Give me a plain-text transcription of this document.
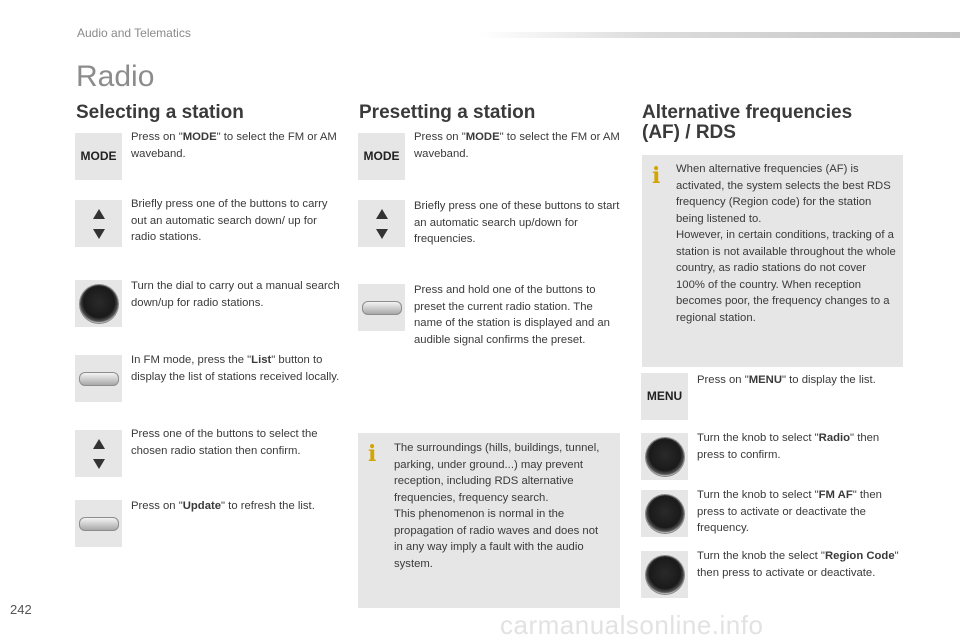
Audio and Telematics
Radio
Selecting a station
MODE
Press on "MODE" to select the FM or AM waveband.
Briefly press one of the buttons to carry out an automatic search down/ up for radio stations.
Turn the dial to carry out a manual search down/up for radio stations.
In FM mode, press the "List" button to display the list of stations received locally.
Press one of the buttons to select the chosen radio station then confirm.
Press on "Update" to refresh the list.
Presetting a station
MODE
Press on "MODE" to select the FM or AM waveband.
Briefly press one of these buttons to start an automatic search up/down for frequencies.
Press and hold one of the buttons to preset the current radio station. The name of the station is displayed and an audible signal confirms the preset.
i The surroundings (hills, buildings, tunnel, parking, under ground...) may prevent reception, including RDS alternative frequencies, frequency search.
This phenomenon is normal in the propagation of radio waves and does not in any way imply a fault with the audio system.
Alternative frequencies
(AF) / RDS
i When alternative frequencies (AF) is activated, the system selects the best RDS frequency (Region code) for the station being listened to.
However, in certain conditions, tracking of a station is not available throughout the whole country, as radio stations do not cover 100% of the country. When reception becomes poor, the frequency changes to a regional station.
MENU
Press on "MENU" to display the list.
Turn the knob to select "Radio" then press to confirm.
Turn the knob to select "FM AF" then press to activate or deactivate the frequency.
Turn the knob the select "Region Code" then press to activate or deactivate.
242
carmanualsonline.info
